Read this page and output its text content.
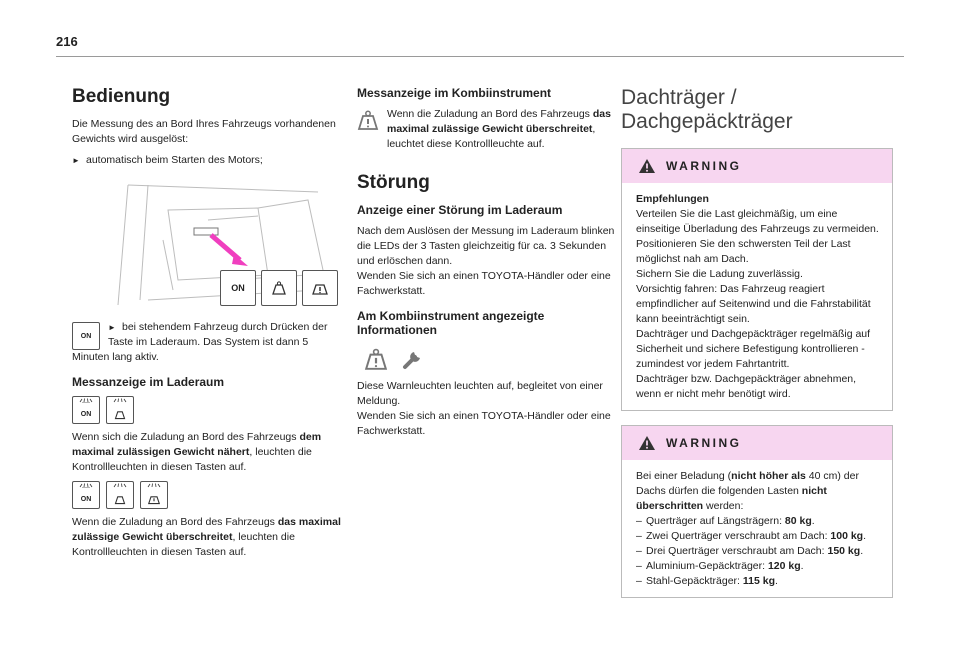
216
Bedienung

Die Messung des an Bord Ihres Fahrzeugs vorhandenen Gewichts wird ausgelöst:

► automatisch beim Starten des Motors;
ON
ON
► bei stehendem Fahrzeug durch Drücken der Taste im Laderaum. Das System ist dann 5 Minuten lang aktiv.
Messanzeige im Laderaum
ON

Wenn sich die Zuladung an Bord des Fahrzeugs dem maximal zulässigen Gewicht nähert, leuchten die Kontrollleuchten in diesen Tasten auf.

ON

Wenn die Zuladung an Bord des Fahrzeugs das maximal zulässige Gewicht überschreitet, leuchten die Kontrollleuchten in diesen Tasten auf.

Messanzeige im Kombiinstrument

Wenn die Zuladung an Bord des Fahrzeugs das maximal zulässige Gewicht überschreitet, leuchtet diese Kontrollleuchte auf.

Störung
Anzeige einer Störung im Laderaum

Nach dem Auslösen der Messung im Laderaum blinken die LEDs der 3 Tasten gleichzeitig für ca. 3 Sekunden und erlöschen dann.

Wenden Sie sich an einen TOYOTA-Händler oder eine Fachwerkstatt.

Am Kombiinstrument angezeigte Informationen

Diese Warnleuchten leuchten auf, begleitet von einer Meldung.

Wenden Sie sich an einen TOYOTA-Händler oder eine Fachwerkstatt.

Dachträger /
Dachgepäckträger
WARNING

Empfehlungen

Verteilen Sie die Last gleichmäßig, um eine einseitige Überladung des Fahrzeugs zu vermeiden.

Positionieren Sie den schwersten Teil der Last möglichst nah am Dach.

Sichern Sie die Ladung zuverlässig.

Vorsichtig fahren: Das Fahrzeug reagiert empfindlicher auf Seitenwind und die Fahrstabilität kann beeinträchtigt sein.

Dachträger und Dachgepäckträger regelmäßig auf Sicherheit und sichere Befestigung kontrollieren - zumindest vor jedem Fahrtantritt.

Dachträger bzw. Dachgepäckträger abnehmen, wenn er nicht mehr benötigt wird.

WARNING

Bei einer Beladung (nicht höher als 40 cm) der Dachs dürfen die folgenden Lasten nicht überschritten werden:

– Querträger auf Längsträgern: 80 kg.

– Zwei Querträger verschraubt am Dach: 100 kg.

– Drei Querträger verschraubt am Dach: 150 kg.

– Aluminium-Gepäckträger: 120 kg.

– Stahl-Gepäckträger: 115 kg.
